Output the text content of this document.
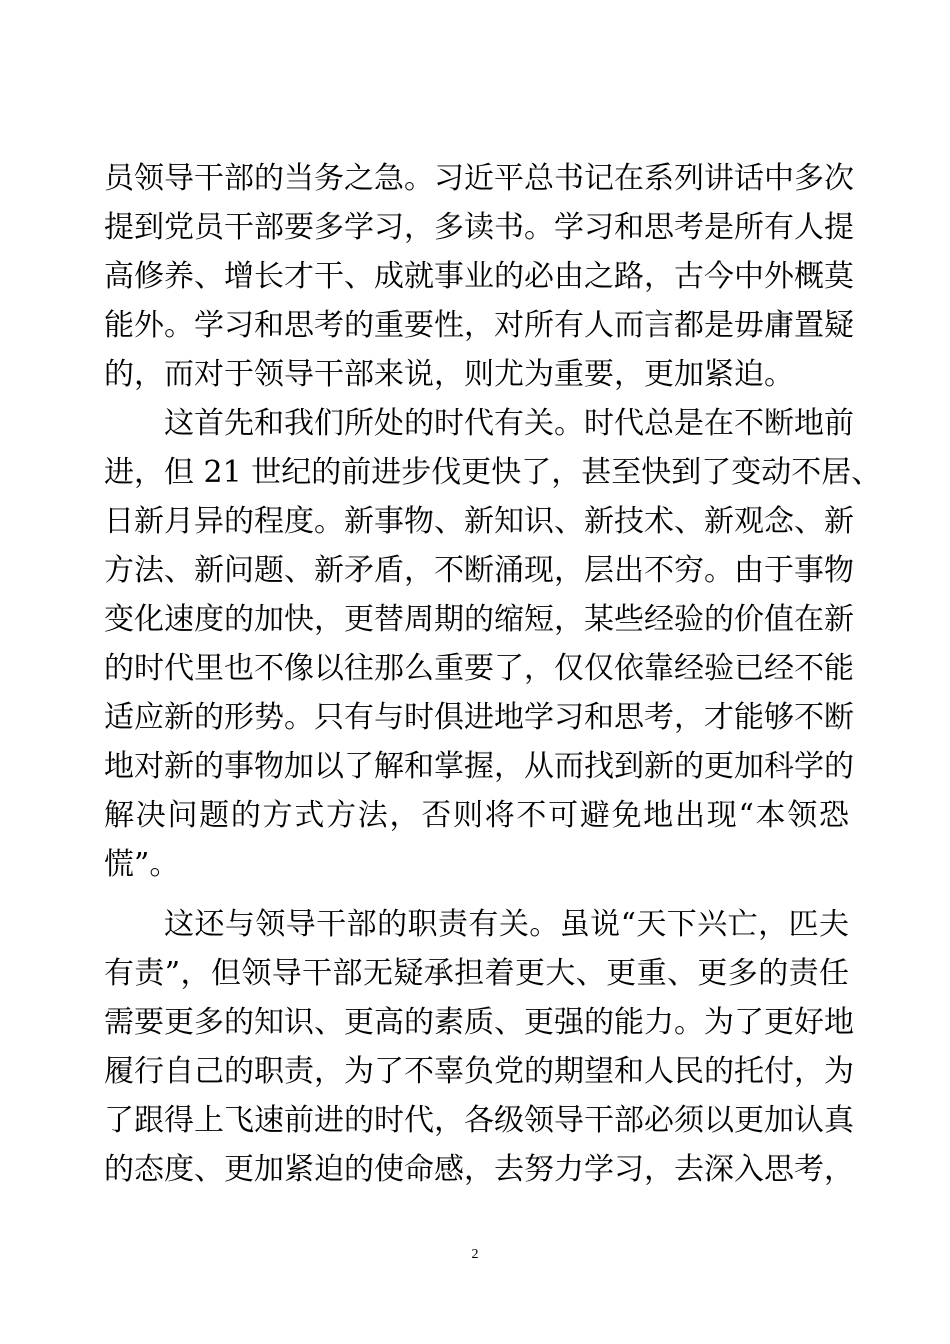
员领导干部的当务之急。习近平总书记在系列讲话中多次
提到党员干部要多学习，多读书。学习和思考是所有人提
高修养、增长才干、成就事业的必由之路，古今中外概莫
能外。学习和思考的重要性，对所有人而言都是毋庸置疑
的，而对于领导干部来说，则尤为重要，更加紧迫。
这首先和我们所处的时代有关。时代总是在不断地前
进，但 21 世纪的前进步伐更快了，甚至快到了变动不居、
日新月异的程度。新事物、新知识、新技术、新观念、新
方法、新问题、新矛盾，不断涌现，层出不穷。由于事物
变化速度的加快，更替周期的缩短，某些经验的价值在新
的时代里也不像以往那么重要了，仅仅依靠经验已经不能
适应新的形势。只有与时俱进地学习和思考，才能够不断
地对新的事物加以了解和掌握，从而找到新的更加科学的
解决问题的方式方法，否则将不可避免地出现“本领恐
慌”。
这还与领导干部的职责有关。虽说“天下兴亡，匹夫
有责”，但领导干部无疑承担着更大、更重、更多的责任
需要更多的知识、更高的素质、更强的能力。为了更好地
履行自己的职责，为了不辜负党的期望和人民的托付，为
了跟得上飞速前进的时代，各级领导干部必须以更加认真
的态度、更加紧迫的使命感，去努力学习，去深入思考，
2
